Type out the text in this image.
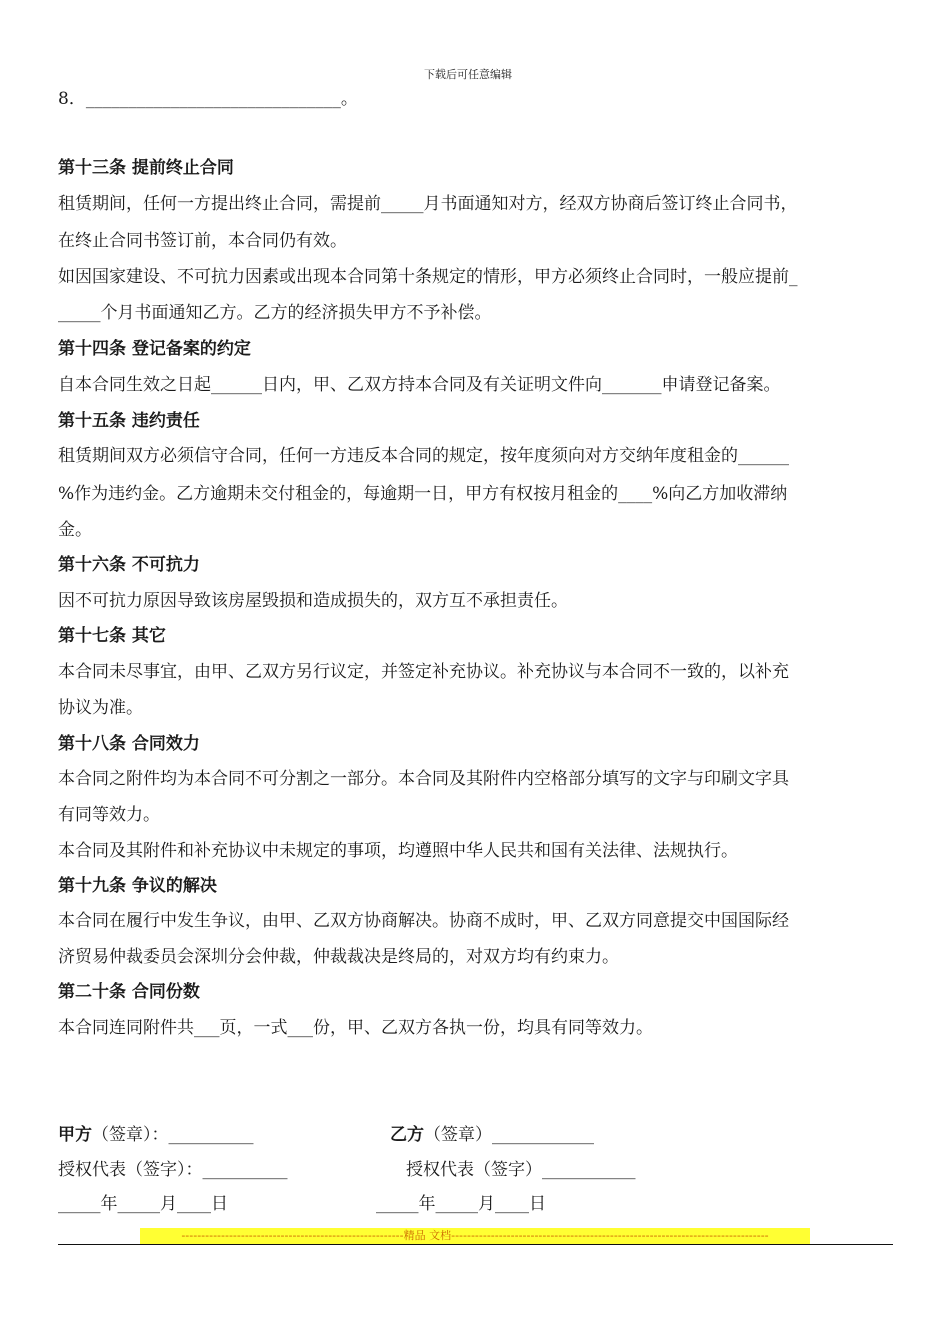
下载后可任意编辑
8．______________________________。
第十三条 提前终止合同
租赁期间，任何一方提出终止合同，需提前_____月书面通知对方，经双方协商后签订终止合同书，
在终止合同书签订前，本合同仍有效。
如因国家建设、不可抗力因素或出现本合同第十条规定的情形，甲方必须终止合同时，一般应提前_
_____个月书面通知乙方。乙方的经济损失甲方不予补偿。
第十四条 登记备案的约定
自本合同生效之日起______日内，甲、乙双方持本合同及有关证明文件向_______申请登记备案。
第十五条 违约责任
租赁期间双方必须信守合同，任何一方违反本合同的规定，按年度须向对方交纳年度租金的______
%作为违约金。乙方逾期未交付租金的，每逾期一日，甲方有权按月租金的____%向乙方加收滞纳
金。
第十六条 不可抗力
因不可抗力原因导致该房屋毁损和造成损失的，双方互不承担责任。
第十七条 其它
本合同未尽事宜，由甲、乙双方另行议定，并签定补充协议。补充协议与本合同不一致的，以补充
协议为准。
第十八条 合同效力
本合同之附件均为本合同不可分割之一部分。本合同及其附件内空格部分填写的文字与印刷文字具
有同等效力。
本合同及其附件和补充协议中未规定的事项，均遵照中华人民共和国有关法律、法规执行。
第十九条 争议的解决
本合同在履行中发生争议，由甲、乙双方协商解决。协商不成时，甲、乙双方同意提交中国国际经
济贸易仲裁委员会深圳分会仲裁，仲裁裁决是终局的，对双方均有约束力。
第二十条 合同份数
本合同连同附件共___页，一式___份，甲、乙双方各执一份，均具有同等效力。
甲方（签章）：__________	乙方（签章）____________
授权代表（签字）：__________	授权代表（签字）___________
_____年_____月____日	_____年_____月____日
--------------------------------------------------------精品 文档--------------------------------------------------------------------------------
